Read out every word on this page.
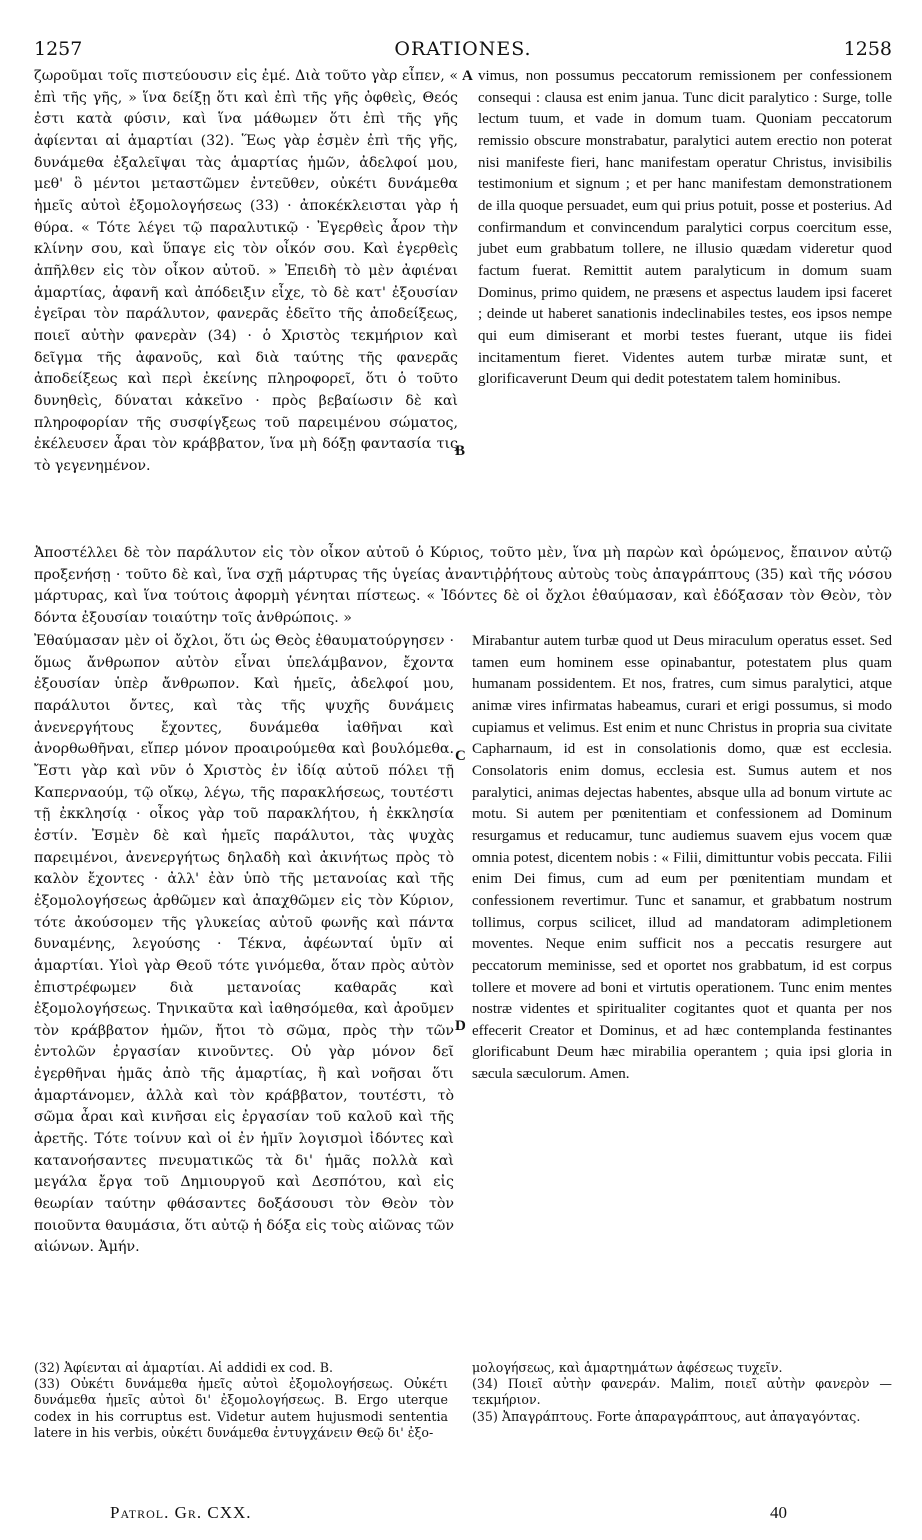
1257	ORATIONES.	1258

ζωροῦμαι τοῖς πιστεύουσιν εἰς ἐμέ. Διὰ τοῦτο γὰρ εἶπεν, « ἐπὶ τῆς γῆς, » ἵνα δείξῃ ὅτι καὶ ἐπὶ τῆς γῆς ὀφθεὶς, Θεός ἐστι κατὰ φύσιν, καὶ ἵνα μάθωμεν ὅτι ἐπὶ τῆς γῆς ἀφίενται αἱ ἁμαρτίαι (32). Ἕως γὰρ ἐσμὲν ἐπὶ τῆς γῆς, δυνάμεθα ἐξαλεῖψαι τὰς ἁμαρτίας ἡμῶν, ἀδελφοί μου, μεθ' ὃ μέντοι μεταστῶμεν ἐντεῦθεν, οὐκέτι δυνάμεθα ἡμεῖς αὐτοὶ ἐξομολογήσεως (33) · ἀποκέκλεισται γὰρ ἡ θύρα. « Τότε λέγει τῷ παραλυτικῷ · Ἐγερθεὶς ἆρον τὴν κλίνην σου, καὶ ὕπαγε εἰς τὸν οἶκόν σου. Καὶ ἐγερθεὶς ἀπῆλθεν εἰς τὸν οἶκον αὐτοῦ. » Ἐπειδὴ τὸ μὲν ἀφιέναι ἁμαρτίας, ἀφανῆ καὶ ἀπόδειξιν εἶχε, τὸ δὲ κατ' ἐξουσίαν ἐγεῖραι τὸν παράλυτον, φανερᾶς ἐδεῖτο τῆς ἀποδείξεως, ποιεῖ αὐτὴν φανερὰν (34) · ὁ Χριστὸς τεκμήριον καὶ δεῖγμα τῆς ἀφανοῦς, καὶ διὰ ταύτης τῆς φανερᾶς ἀποδείξεως καὶ περὶ ἐκείνης πληροφορεῖ, ὅτι ὁ τοῦτο δυνηθεὶς, δύναται κἀκεῖνο · πρὸς βεβαίωσιν δὲ καὶ πληροφορίαν τῆς συσφίγξεως τοῦ παρειμένου σώματος, ἐκέλευσεν ἆραι τὸν κράββατον, ἵνα μὴ δόξῃ φαντασία τις τὸ γεγενημένον.

A vimus, non possumus peccatorum remissionem per confessionem consequi : clausa est enim janua. Tunc dicit paralytico : Surge, tolle lectum tuum, et vade in domum tuam. Quoniam peccatorum remissio obscure monstrabatur, paralytici autem erectio non poterat nisi manifeste fieri, hanc manifestam operatur Christus, invisibilis testimonium et signum ; et per hanc manifestam demonstrationem de illa quoque persuadet, eum qui prius potuit, posse et posterius. Ad confirmandum et convincendum paralytici corpus coercitum esse, jubet eum grabbatum tollere, ne illusio quædam videretur quod factum fuerat. Remittit autem paralyticum in domum suam Dominus, primo quidem, ne præsens et aspectus laudem ipsi faceret ; deinde ut haberet sanationis indeclinabiles testes, eos ipsos nempe qui eum dimiserant et morbi testes fuerant, utque iis fidei incitamentum fieret. Videntes autem turbæ miratæ sunt, et glorificaverunt Deum qui dedit potestatem talem hominibus.

B

Ἀποστέλλει δὲ τὸν παράλυτον εἰς τὸν οἶκον αὐτοῦ ὁ Κύριος, τοῦτο μὲν, ἵνα μὴ παρὼν καὶ ὁρώμενος, ἔπαινον αὐτῷ προξενήσῃ · τοῦτο δὲ καὶ, ἵνα σχῇ μάρτυρας τῆς ὑγείας ἀναντιῤῥήτους αὐτοὺς τοὺς ἀπαγράπτους (35) καὶ τῆς νόσου μάρτυρας, καὶ ἵνα τούτοις ἀφορμὴ γένηται πίστεως. « Ἰδόντες δὲ οἱ ὄχλοι ἐθαύμασαν, καὶ ἐδόξασαν τὸν Θεὸν, τὸν δόντα ἐξουσίαν τοιαύτην τοῖς ἀνθρώποις. »

Ἐθαύμασαν μὲν οἱ ὄχλοι, ὅτι ὡς Θεὸς ἐθαυματούργησεν · ὅμως ἄνθρωπον αὐτὸν εἶναι ὑπελάμβανον, ἔχοντα ἐξουσίαν ὑπὲρ ἄνθρωπον. Καὶ ἡμεῖς, ἀδελφοί μου, παράλυτοι ὄντες, καὶ τὰς τῆς ψυχῆς δυνάμεις ἀνενεργήτους ἔχοντες, δυνάμεθα ἰαθῆναι καὶ ἀνορθωθῆναι, εἴπερ μόνον προαιρούμεθα καὶ βουλόμεθα. Ἔστι γὰρ καὶ νῦν ὁ Χριστὸς ἐν ἰδίᾳ αὐτοῦ πόλει τῇ Καπερναούμ, τῷ οἴκῳ, λέγω, τῆς παρακλήσεως, τουτέστι τῇ ἐκκλησίᾳ · οἶκος γὰρ τοῦ παρακλήτου, ἡ ἐκκλησία ἐστίν. Ἐσμὲν δὲ καὶ ἡμεῖς παράλυτοι, τὰς ψυχὰς παρειμένοι, ἀνενεργήτως δηλαδὴ καὶ ἀκινήτως πρὸς τὸ καλὸν ἔχοντες · ἀλλ' ἐὰν ὑπὸ τῆς μετανοίας καὶ τῆς ἐξομολογήσεως ἀρθῶμεν καὶ ἀπαχθῶμεν εἰς τὸν Κύριον, τότε ἀκούσομεν τῆς γλυκείας αὐτοῦ φωνῆς καὶ πάντα δυναμένης, λεγούσης · Τέκνα, ἀφέωνταί ὑμῖν αἱ ἁμαρτίαι. Υἱοὶ γὰρ Θεοῦ τότε γινόμεθα, ὅταν πρὸς αὐτὸν ἐπιστρέφωμεν διὰ μετανοίας καθαρᾶς καὶ ἐξομολογήσεως. Τηνικαῦτα καὶ ἰαθησόμεθα, καὶ ἀροῦμεν τὸν κράββατον ἡμῶν, ἤτοι τὸ σῶμα, πρὸς τὴν τῶν ἐντολῶν ἐργασίαν κινοῦντες. Οὐ γὰρ μόνον δεῖ ἐγερθῆναι ἡμᾶς ἀπὸ τῆς ἁμαρτίας, ἢ καὶ νοῆσαι ὅτι ἁμαρτάνομεν, ἀλλὰ καὶ τὸν κράββατον, τουτέστι, τὸ σῶμα ἆραι καὶ κινῆσαι εἰς ἐργασίαν τοῦ καλοῦ καὶ τῆς ἀρετῆς. Τότε τοίνυν καὶ οἱ ἐν ἡμῖν λογισμοὶ ἰδόντες καὶ κατανοήσαντες πνευματικῶς τὰ δι' ἡμᾶς πολλὰ καὶ μεγάλα ἔργα τοῦ Δημιουργοῦ καὶ Δεσπότου, καὶ εἰς θεωρίαν ταύτην φθάσαντες δοξάσουσι τὸν Θεὸν τὸν ποιοῦντα θαυμάσια, ὅτι αὐτῷ ἡ δόξα εἰς τοὺς αἰῶνας τῶν αἰώνων. Ἀμήν.

C
D

Mirabantur autem turbæ quod ut Deus miraculum operatus esset. Sed tamen eum hominem esse opinabantur, potestatem plus quam humanam possidentem. Et nos, fratres, cum simus paralytici, atque animæ vires infirmatas habeamus, curari et erigi possumus, si modo cupiamus et velimus. Est enim et nunc Christus in propria sua civitate Capharnaum, id est in consolationis domo, quæ est ecclesia. Consolatoris enim domus, ecclesia est. Sumus autem et nos paralytici, animas dejectas habentes, absque ulla ad bonum virtute ac motu. Si autem per pœnitentiam et confessionem ad Dominum resurgamus et reducamur, tunc audiemus suavem ejus vocem quæ omnia potest, dicentem nobis : « Filii, dimittuntur vobis peccata. Filii enim Dei fimus, cum ad eum per pœnitentiam mundam et confessionem revertimur. Tunc et sanamur, et grabbatum nostrum tollimus, corpus scilicet, illud ad mandatoram adimpletionem moventes. Neque enim sufficit nos a peccatis resurgere aut peccatorum meminisse, sed et oportet nos grabbatum, id est corpus tollere et movere ad boni et virtutis operationem. Tunc enim mentes nostræ videntes et spiritualiter cogitantes quot et quanta per nos effecerit Creator et Dominus, et ad hæc contemplanda festinantes glorificabunt Deum hæc mirabilia operantem ; quia ipsi gloria in sæcula sæculorum. Amen.

(32) Ἀφίενται αἱ ἁμαρτίαι. Αἱ addidi ex cod. B.

(33) Οὐκέτι δυνάμεθα ἡμεῖς αὐτοὶ ἐξομολογήσεως. Οὐκέτι δυνάμεθα ἡμεῖς αὐτοὶ δι' ἐξομολογήσεως. B. Ergo uterque codex in his corruptus est. Videtur autem hujusmodi sententia latere in his verbis, οὐκέτι δυνάμεθα ἐντυγχάνειν Θεῷ δι' ἐξο-

μολογήσεως, καὶ ἁμαρτημάτων ἀφέσεως τυχεῖν.

(34) Ποιεῖ αὐτὴν φανεράν. Malim, ποιεῖ αὐτὴν φανερὸν — τεκμήριον.

(35) Ἀπαγράπτους. Forte ἀπαραγράπτους, aut ἀπαγαγόντας.

Patrol. Gr. CXX.	40
